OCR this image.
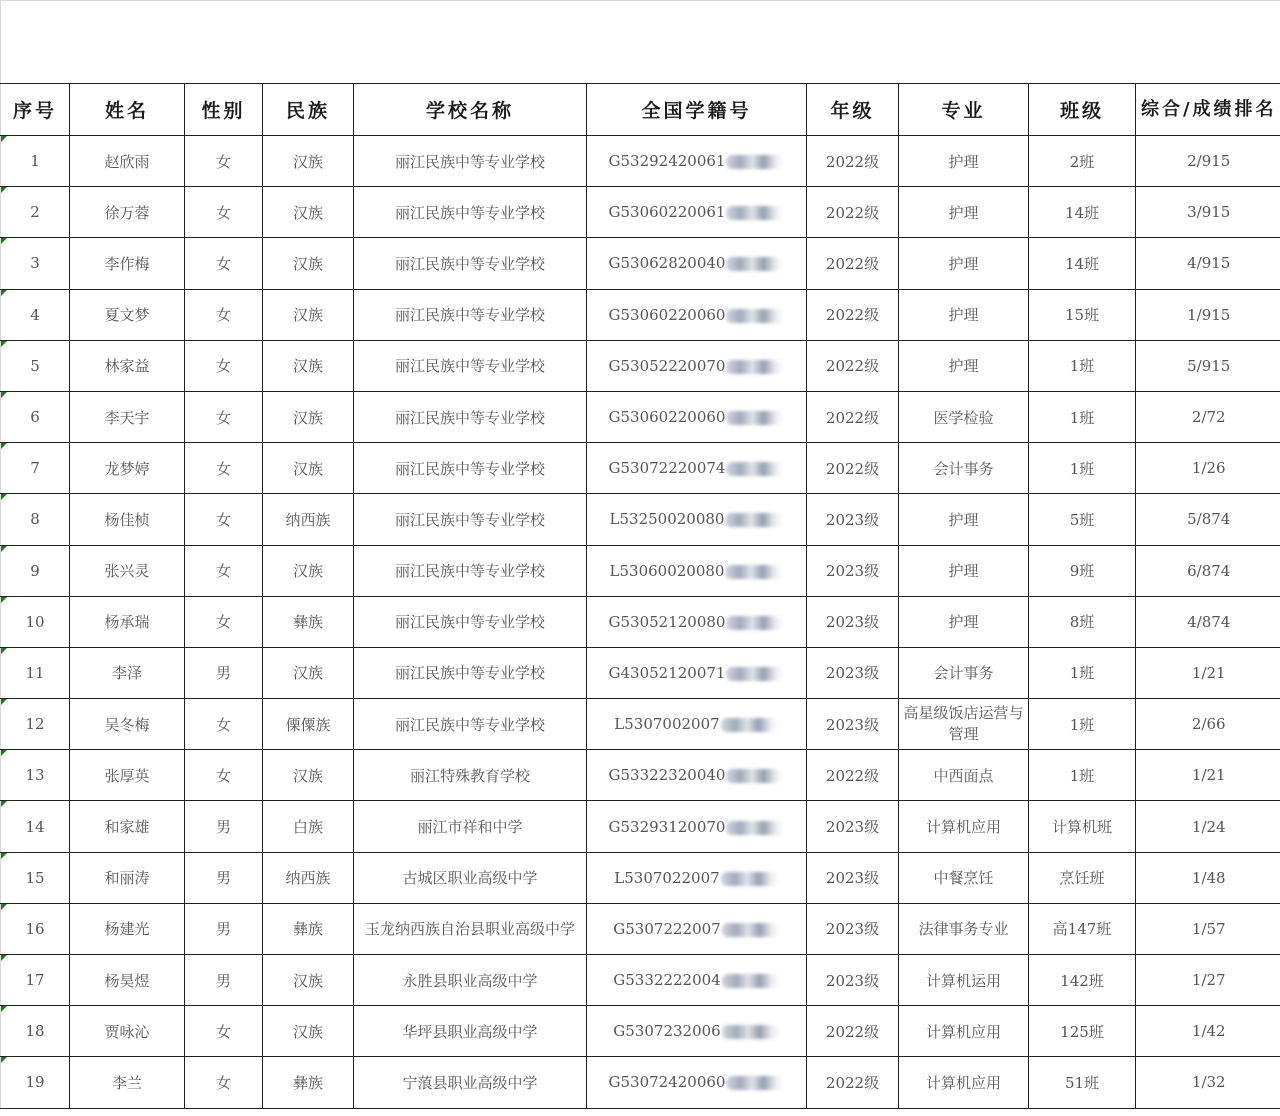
序号	姓名	性别	民族	学校名称	全国学籍号	年级	专业	班级	综合/成绩排名
1	赵欣雨	女	汉族	丽江民族中等专业学校	G53292420061	2022级	护理	2班	2/915
2	徐万蓉	女	汉族	丽江民族中等专业学校	G53060220061	2022级	护理	14班	3/915
3	李作梅	女	汉族	丽江民族中等专业学校	G53062820040	2022级	护理	14班	4/915
4	夏文梦	女	汉族	丽江民族中等专业学校	G53060220060	2022级	护理	15班	1/915
5	林家益	女	汉族	丽江民族中等专业学校	G53052220070	2022级	护理	1班	5/915
6	李天宇	女	汉族	丽江民族中等专业学校	G53060220060	2022级	医学检验	1班	2/72
7	龙梦婷	女	汉族	丽江民族中等专业学校	G53072220074	2022级	会计事务	1班	1/26
8	杨佳桢	女	纳西族	丽江民族中等专业学校	L53250020080	2023级	护理	5班	5/874
9	张兴灵	女	汉族	丽江民族中等专业学校	L53060020080	2023级	护理	9班	6/874
10	杨承瑞	女	彝族	丽江民族中等专业学校	G53052120080	2023级	护理	8班	4/874
11	李泽	男	汉族	丽江民族中等专业学校	G43052120071	2023级	会计事务	1班	1/21
12	吴冬梅	女	傈僳族	丽江民族中等专业学校	L5307002007	2023级	高星级饭店运营与管理	1班	2/66
13	张厚英	女	汉族	丽江特殊教育学校	G53322320040	2022级	中西面点	1班	1/21
14	和家雄	男	白族	丽江市祥和中学	G53293120070	2023级	计算机应用	计算机班	1/24
15	和丽涛	男	纳西族	古城区职业高级中学	L5307022007	2023级	中餐烹饪	烹饪班	1/48
16	杨建光	男	彝族	玉龙纳西族自治县职业高级中学	G5307222007	2023级	法律事务专业	高147班	1/57
17	杨昊煜	男	汉族	永胜县职业高级中学	G5332222004	2023级	计算机运用	142班	1/27
18	贾咏沁	女	汉族	华坪县职业高级中学	G5307232006	2022级	计算机应用	125班	1/42
19	李兰	女	彝族	宁蒗县职业高级中学	G53072420060	2022级	计算机应用	51班	1/32
